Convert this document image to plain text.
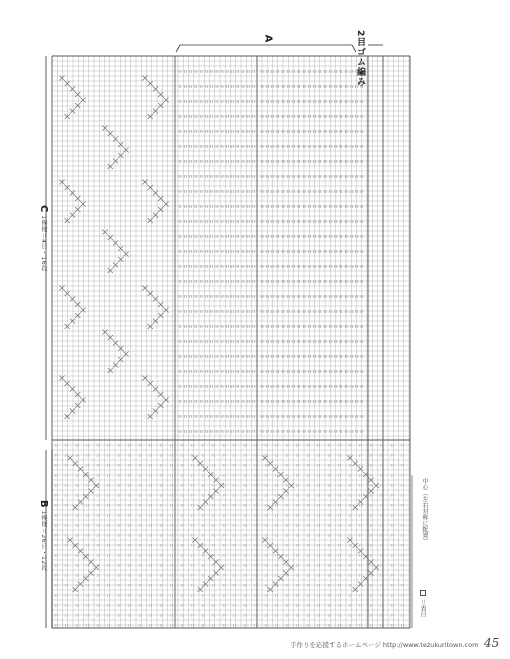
C 1模様＝4目・16段
B 1模様＝26目・12段
A	2目ゴム編み
中心（左右対称に配置）
＝表目
手作りを応援するホームページ http://www.tezukuritown.com 45
